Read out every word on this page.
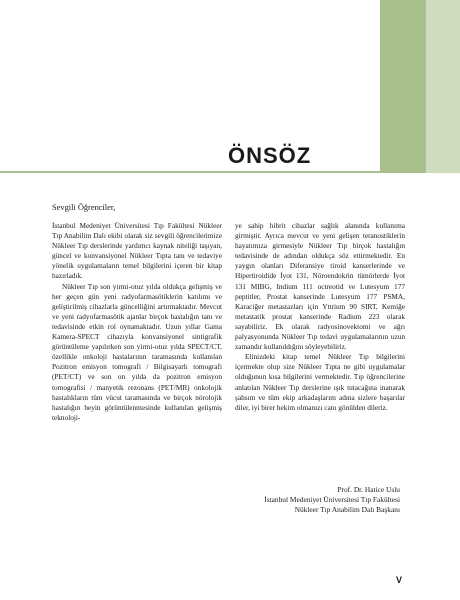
ÖNSÖZ
Sevgili Öğrenciler,

İstanbul Medeniyet Üniversitesi Tıp Fakültesi Nükleer Tıp Anabilim Dalı ekibi olarak siz sevgili öğrencilerimize Nükleer Tıp derslerinde yardımcı kaynak niteliği taşıyan, güncel ve konvansiyonel Nükleer Tıpta tanı ve tedaviye yönelik uygulamaların temel bilgilerini içeren bir kitap hazırladık.

Nükleer Tıp son yirmi-otuz yılda oldukça gelişmiş ve her geçen gün yeni radyofarmasötiklerin katılımı ve geliştirilmiş cihazlarla güncelliğini artırmaktadır. Mevcut ve yeni radyofarmasötik ajanlar birçok hastalığın tanı ve tedavisinde etkin rol oynamaktadır. Uzun yıllar Gama Kamera-SPECT cihazıyla konvansiyonel sintigrafik görüntüleme yapılırken son yirmi-otuz yılda SPECT/CT, özellikle onkoloji hastalarının taramasında kullanılan Pozitron emisyon tomografi / Bilgisayarlı tomografi (PET/CT) ve son on yılda da pozitron emisyon tomografisi / manyetik rezonans (PET/MR) onkolojik hastalıkların tüm vücut taramasında ve birçok nörolojik hastalığın beyin görüntülenmesinde kullanılan gelişmiş teknoloji-

ye sahip hibrit cihazlar sağlık alanında kullanıma girmiştir. Ayrıca mevcut ve yeni gelişen teranostiklerin hayatımıza girmesiyle Nükleer Tıp birçok hastalığın tedavisinde de adından oldukça söz ettirmektedir. En yaygın olanları Diferansiye tiroid kanserlerinde ve Hipertiroidide İyot 131, Nöroendokrin tümörlerde İyot 131 MIBG, Indium 111 octreotid ve Lutesyum 177 peptitler, Prostat kanserinde Lutesyum 177 PSMA, Karaciğer metastazları için Yttrium 90 SIRT, Kemiğe metastatik prostat kanserinde Radium 223 olarak sayabiliriz. Ek olarak radyosinovektomi ve ağrı palyasyonunda Nükleer Tıp tedavi uygulamalarının uzun zamandır kullanıldığını söyleyebiliriz.

Elinizdeki kitap temel Nükleer Tıp bilgilerini içermekte olup size Nükleer Tıpta ne gibi uygulamalar olduğunun kısa bilgilerini vermektedir. Tıp öğrencilerine anlatılan Nükleer Tıp derslerine ışık tutacağına inanarak şahsım ve tüm ekip arkadaşlarım adına sizlere başarılar diler, iyi birer hekim olmanızı canı gönülden dileriz.

Prof. Dr. Hatice Uslu
İstanbul Medeniyet Üniversitesi Tıp Fakültesi
Nükleer Tıp Anabilim Dalı Başkanı
V
